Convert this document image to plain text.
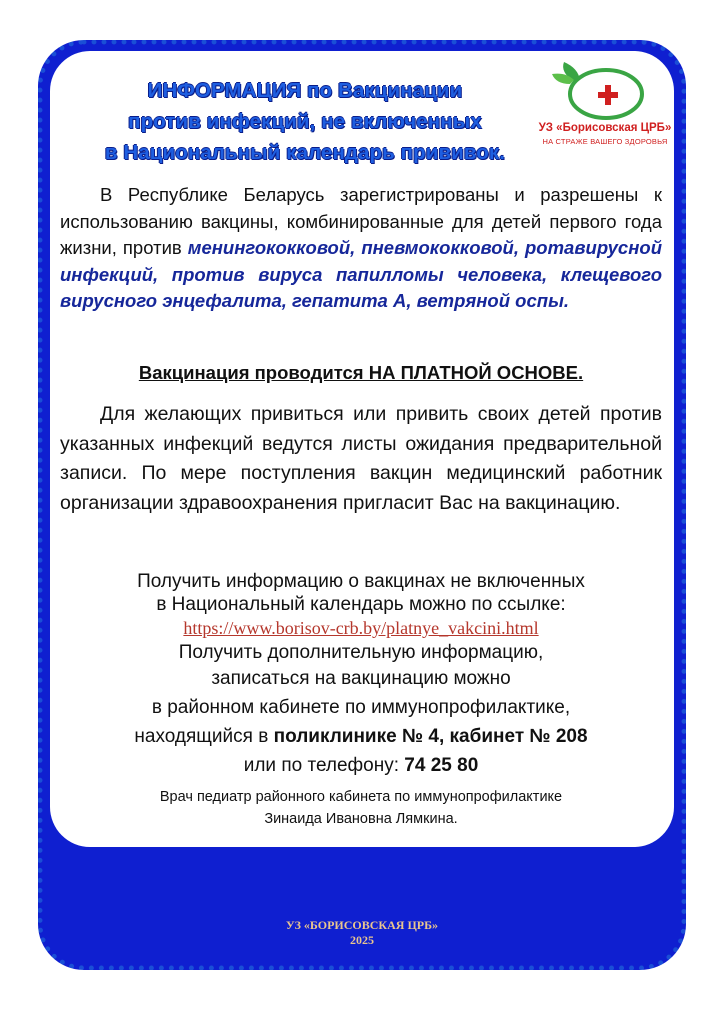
ИНФОРМАЦИЯ по Вакцинации
против инфекций, не включенных
в Национальный календарь прививок.
УЗ «Борисовская ЦРБ»
НА СТРАЖЕ ВАШЕГО ЗДОРОВЬЯ
В Республике Беларусь зарегистрированы и разрешены к использованию вакцины, комбинированные для детей первого года жизни, против менингококковой, пневмококковой, ротавирусной инфекций, против вируса папилломы человека, клещевого вирусного энцефалита, гепатита А, ветряной оспы.
Вакцинация проводится НА ПЛАТНОЙ ОСНОВЕ.
Для желающих привиться или привить своих детей против указанных инфекций ведутся листы ожидания предварительной записи. По мере поступления вакцин медицинский работник организации здравоохранения пригласит Вас на вакцинацию.
Получить информацию о вакцинах не включенных
в Национальный календарь можно по ссылке:
https://www.borisov-crb.by/platnye_vakcini.html
Получить дополнительную информацию,
записаться на вакцинацию можно
в районном кабинете по иммунопрофилактике,
находящийся в поликлинике № 4, кабинет № 208
или по телефону: 74 25 80
Врач педиатр районного кабинета по иммунопрофилактике
Зинаида Ивановна Лямкина.
УЗ «БОРИСОВСКАЯ ЦРБ»
2025
